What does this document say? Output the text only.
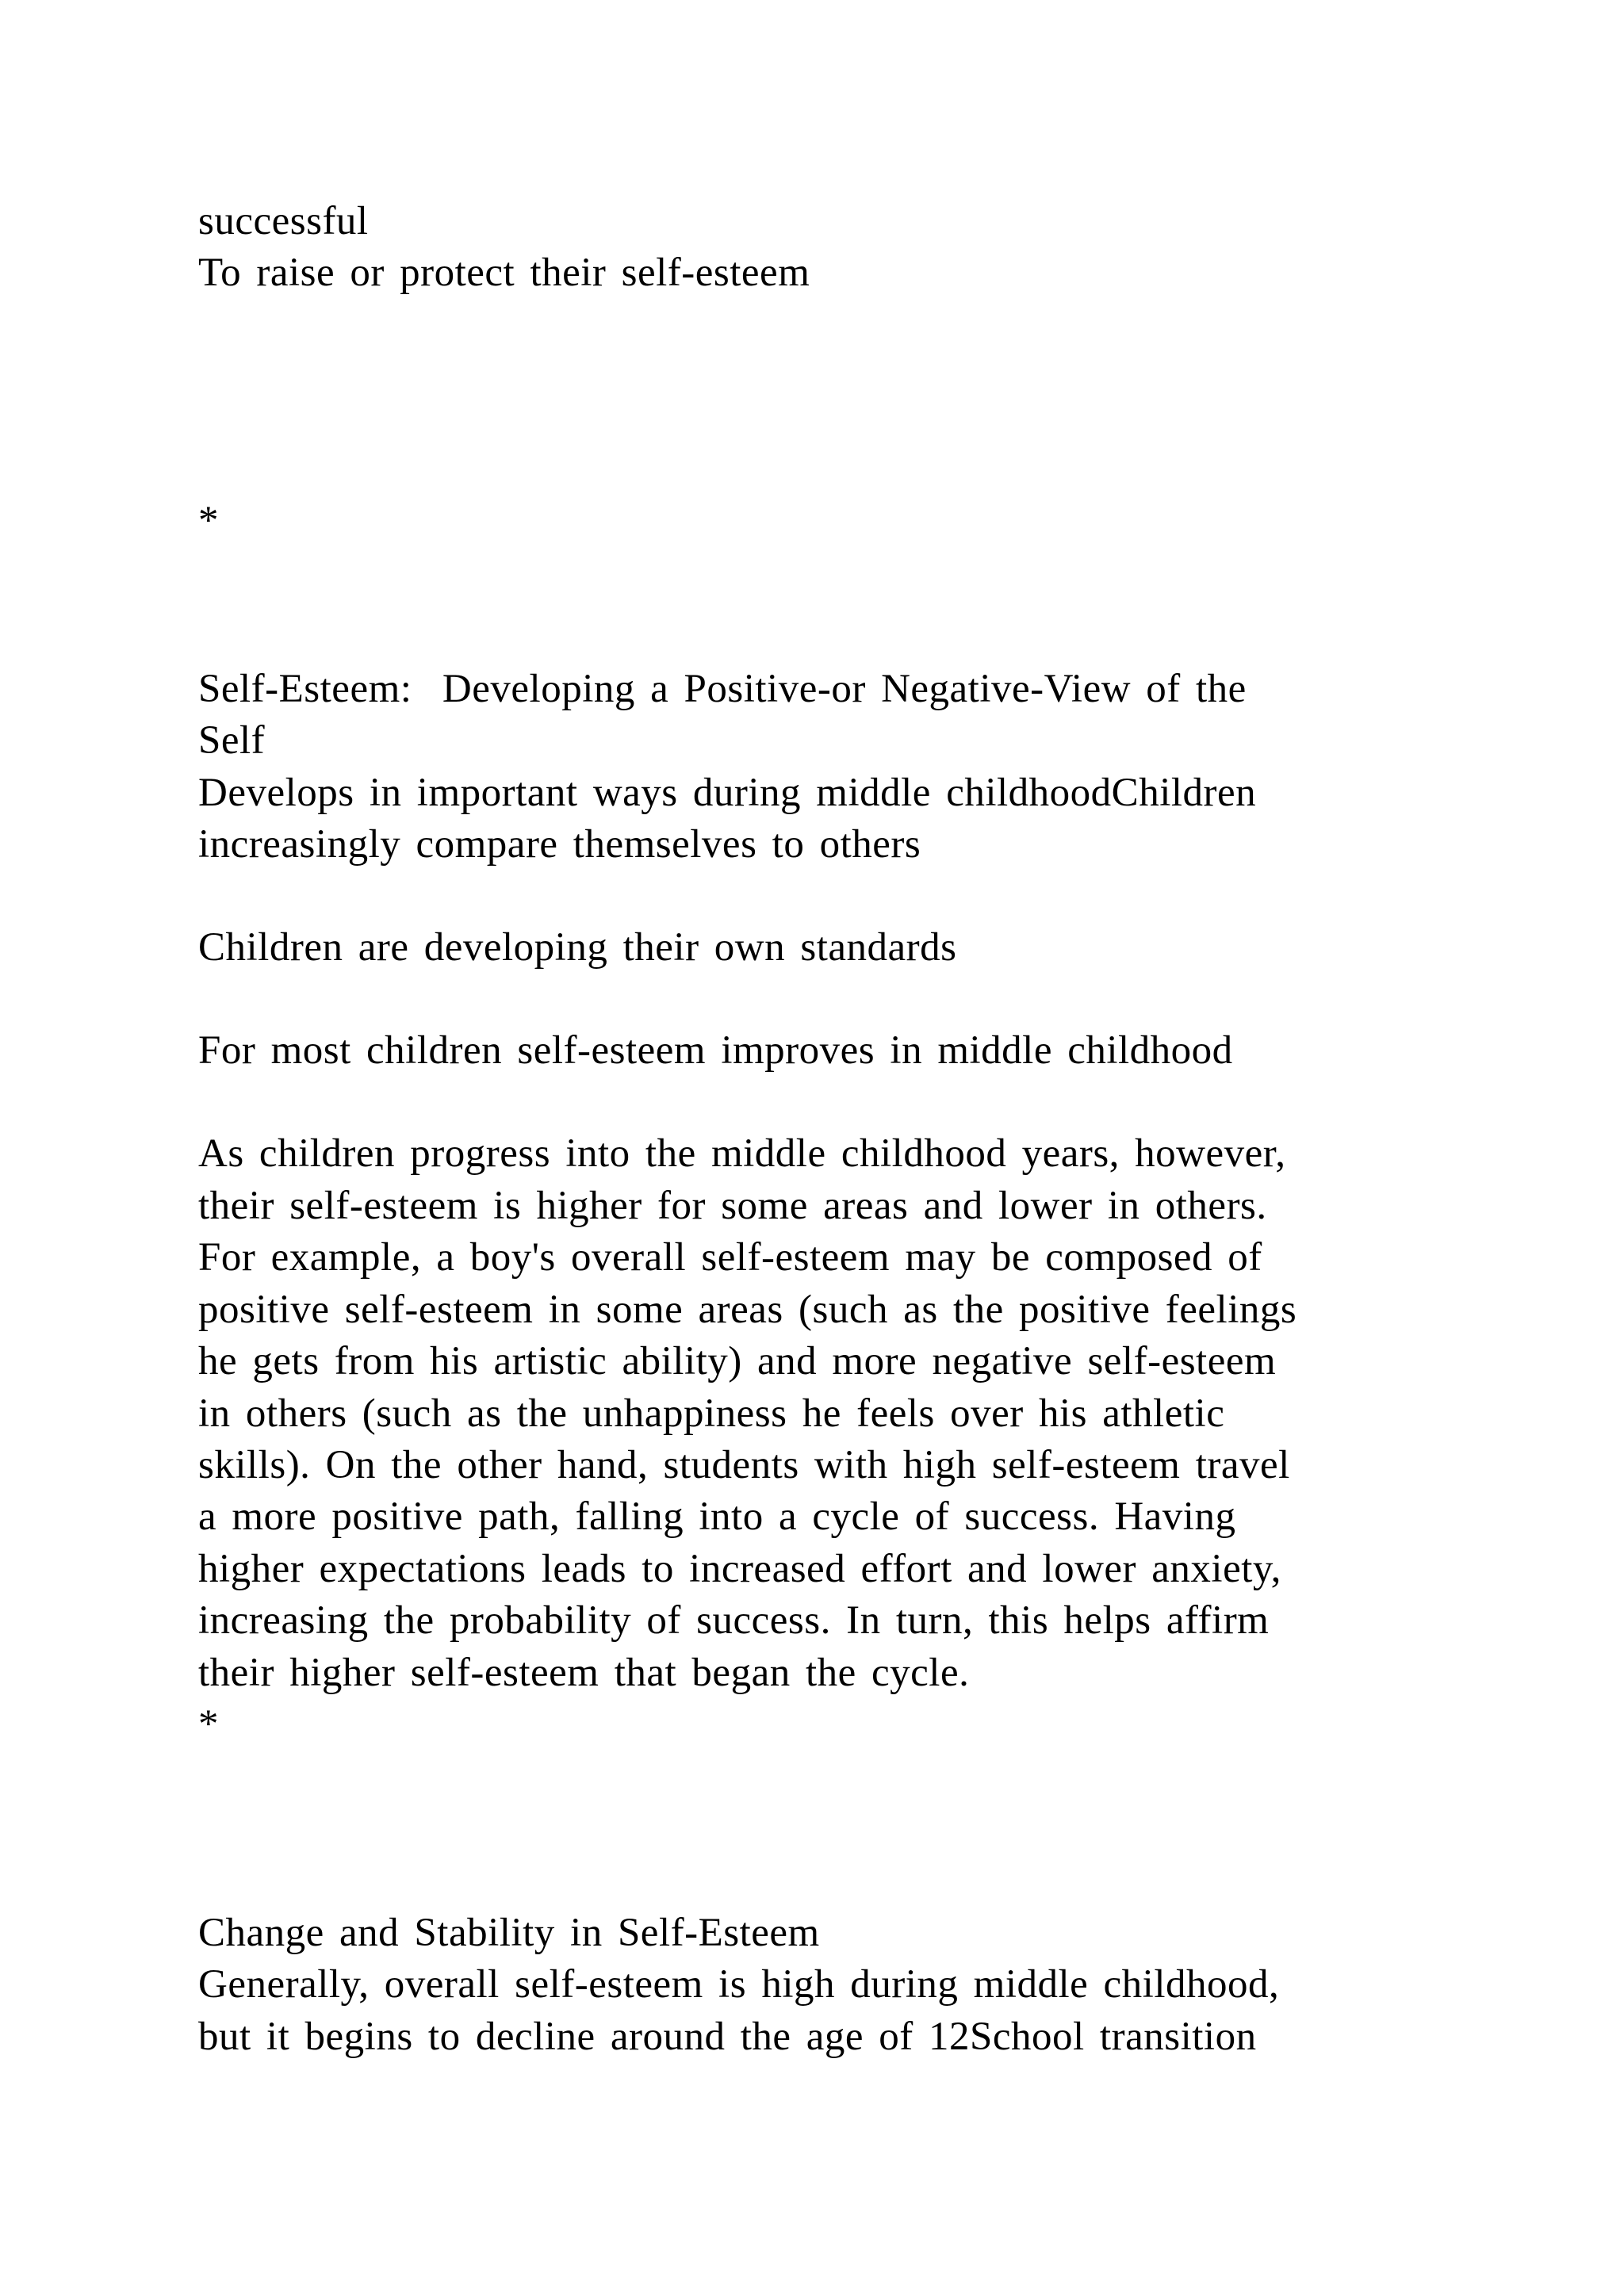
successful
To raise or protect their self-esteem
*
Self-Esteem:  Developing a Positive-or Negative-View of the
Self
Develops in important ways during middle childhoodChildren
increasingly compare themselves to others
Children are developing their own standards
For most children self-esteem improves in middle childhood
As children progress into the middle childhood years, however,
their self-esteem is higher for some areas and lower in others.
For example, a boy's overall self-esteem may be composed of
positive self-esteem in some areas (such as the positive feelings
he gets from his artistic ability) and more negative self-esteem
in others (such as the unhappiness he feels over his athletic
skills). On the other hand, students with high self-esteem travel
a more positive path, falling into a cycle of success. Having
higher expectations leads to increased effort and lower anxiety,
increasing the probability of success. In turn, this helps affirm
their higher self-esteem that began the cycle.
*
Change and Stability in Self-Esteem
Generally, overall self-esteem is high during middle childhood,
but it begins to decline around the age of 12School transition
